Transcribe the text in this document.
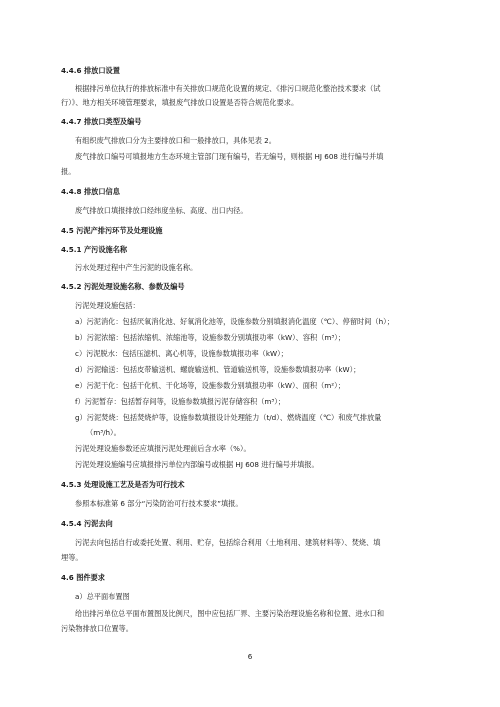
4.4.6 排放口设置
根据排污单位执行的排放标准中有关排放口规范化设置的规定、《排污口规范化整治技术要求（试
行）》、地方相关环境管理要求，填报废气排放口设置是否符合规范化要求。
4.4.7 排放口类型及编号
有组织废气排放口分为主要排放口和一般排放口，具体见表 2。
废气排放口编号可填报地方生态环境主管部门现有编号，若无编号，则根据 HJ 608 进行编号并填
报。
4.4.8 排放口信息
废气排放口填报排放口经纬度坐标、高度、出口内径。
4.5 污泥产排污环节及处理设施
4.5.1 产污设施名称
污水处理过程中产生污泥的设施名称。
4.5.2 污泥处理设施名称、参数及编号
污泥处理设施包括：
a）污泥消化：包括厌氧消化池、好氧消化池等，设施参数分别填报消化温度（℃）、停留时间（h）；
b）污泥浓缩：包括浓缩机、浓缩池等，设施参数分别填报功率（kW）、容积（m³）；
c）污泥脱水：包括压滤机、离心机等，设施参数填报功率（kW）；
d）污泥输送：包括皮带输送机、螺旋输送机、管道输送机等，设施参数填报功率（kW）；
e）污泥干化：包括干化机、干化场等，设施参数分别填报功率（kW）、面积（m²）；
f）污泥暂存：包括暂存间等，设施参数填报污泥存储容积（m³）；
g）污泥焚烧：包括焚烧炉等，设施参数填报设计处理能力（t/d）、燃烧温度（℃）和废气排放量
（m³/h）。
污泥处理设施参数还应填报污泥处理前后含水率（%）。
污泥处理设施编号应填报排污单位内部编号或根据 HJ 608 进行编号并填报。
4.5.3 处理设施工艺及是否为可行技术
参照本标准第 6 部分“污染防治可行技术要求”填报。
4.5.4 污泥去向
污泥去向包括自行或委托处置、利用、贮存，包括综合利用（土地利用、建筑材料等）、焚烧、填
埋等。
4.6 图件要求
a）总平面布置图
给出排污单位总平面布置图及比例尺，图中应包括厂界、主要污染治理设施名称和位置、进水口和
污染物排放口位置等。
6
